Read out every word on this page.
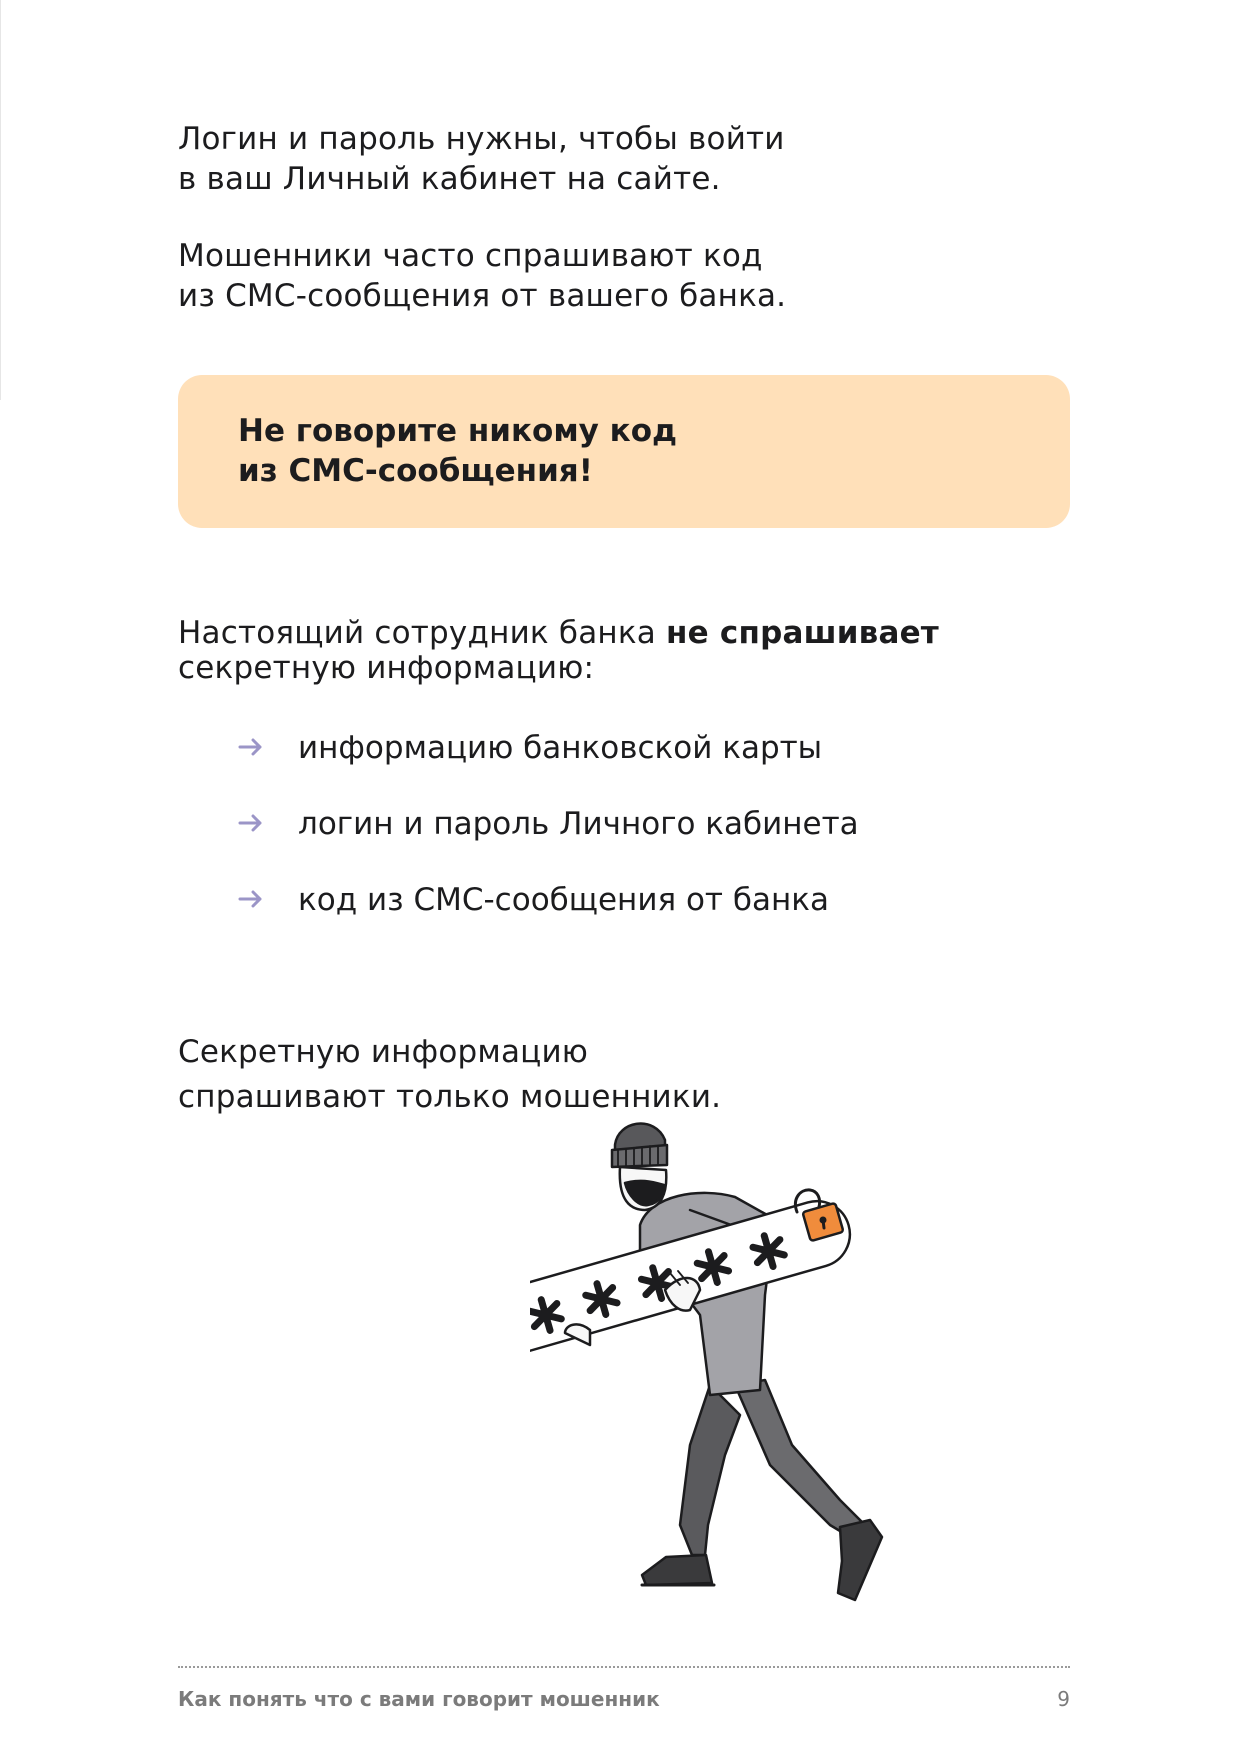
Логин и пароль нужны, чтобы войти
в ваш Личный кабинет на сайте.

Мошенники часто спрашивают код
из СМС-сообщения от вашего банка.

Не говорите никому код
из СМС-сообщения!

Настоящий сотрудник банка не спрашивает
секретную информацию:

информацию банковской карты
логин и пароль Личного кабинета
код из СМС-сообщения от банка

Секретную информацию
спрашивают только мошенники.

Как понять что с вами говорит мошенник	9
